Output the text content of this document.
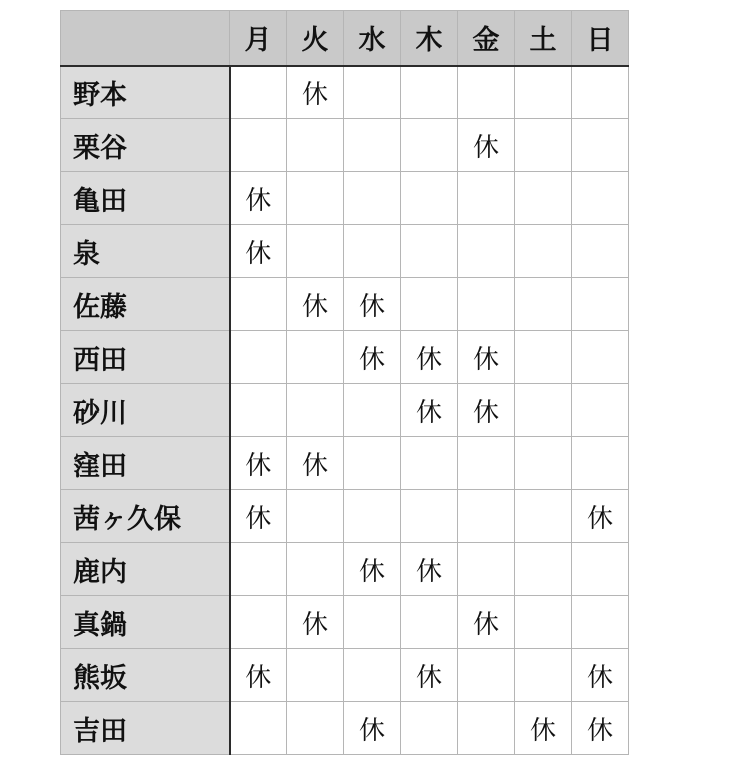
	月	火	水	木	金	土	日
野本		休					
栗谷					休		
亀田	休						
泉	休						
佐藤		休	休				
西田			休	休	休		
砂川				休	休		
窪田	休	休					
茜ヶ久保	休						休
鹿内			休	休			
真鍋		休			休		
熊坂	休			休			休
吉田			休			休	休
